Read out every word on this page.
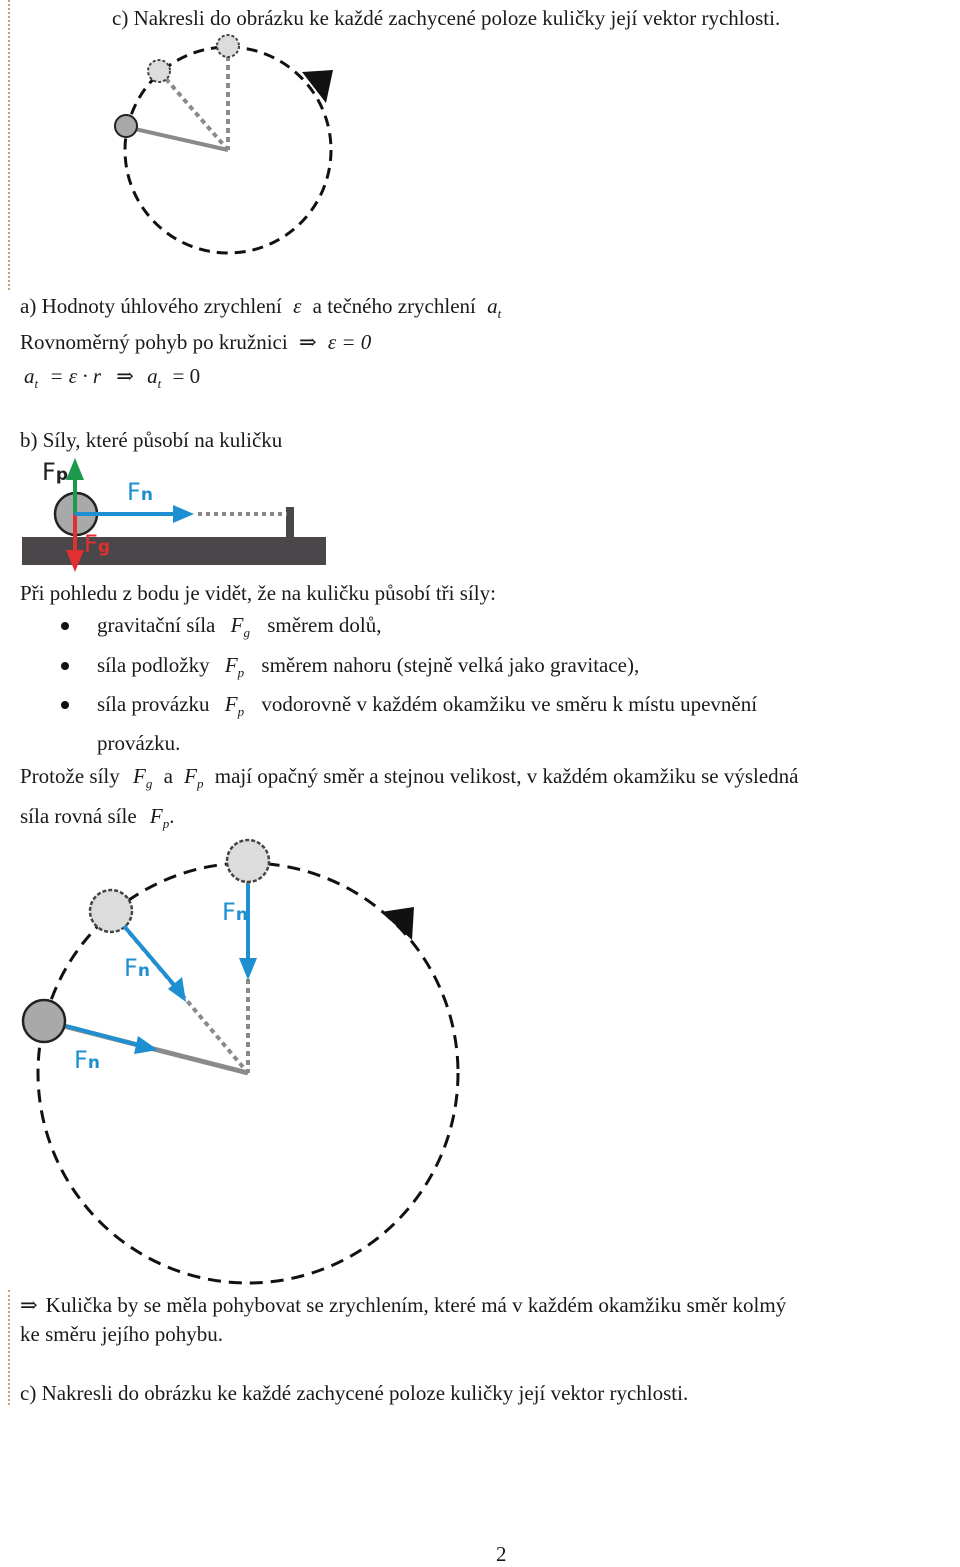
c) Nakresli do obrázku ke každé zachycené poloze kuličky její vektor rychlosti.
a) Hodnoty úhlového zrychlení ε a tečného zrychlení $a_t$
Rovnoměrný pohyb po kružnici ⇒ ε = 0
$a_t = \varepsilon \cdot r$ ⇒ $a_t = 0$
b) Síly, které působí na kuličku
Fp
Fn
Fg
Při pohledu z bodu je vidět, že na kuličku působí tři síly:
gravitační síla $F_g$ směrem dolů,
síla podložky $F_p$ směrem nahoru (stejně velká jako gravitace),
síla provázku $F_p$ vodorovně v každém okamžiku ve směru k místu upevnění
provázku.
Protože síly $F_g$ a $F_p$ mají opačný směr a stejnou velikost, v každém okamžiku se výsledná
síla rovná síle $F_p$.
Fn
Fn
Fn
⇒ Kulička by se měla pohybovat se zrychlením, které má v každém okamžiku směr kolmý
ke směru jejího pohybu.
c) Nakresli do obrázku ke každé zachycené poloze kuličky její vektor rychlosti.
2
